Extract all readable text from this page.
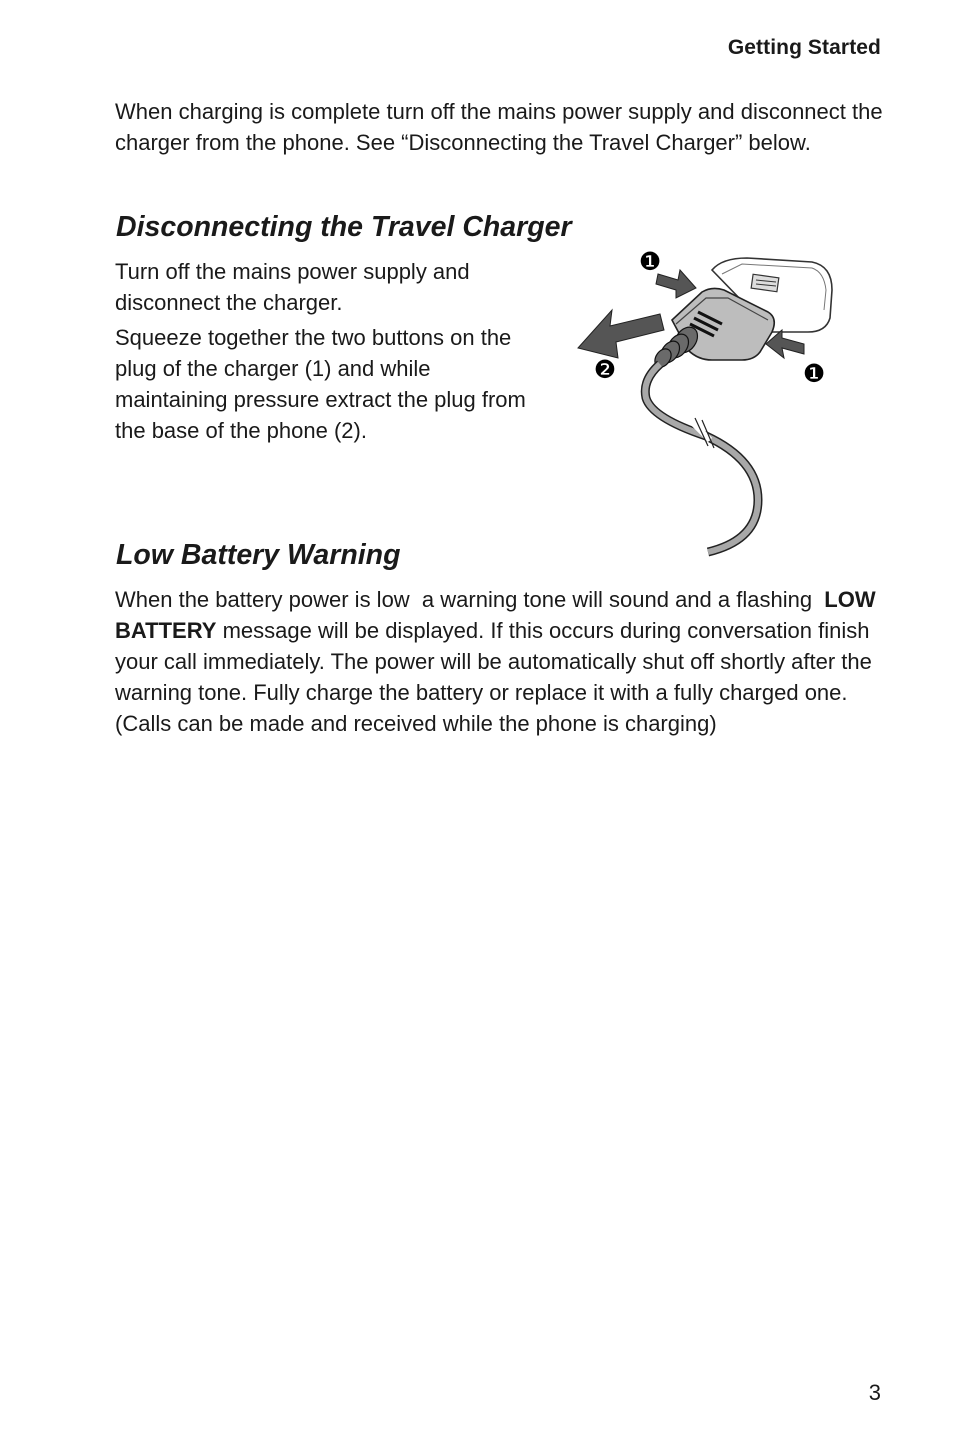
Getting Started

When charging is complete turn off the mains power supply and disconnect the charger from the phone. See “Disconnecting the Travel Charger” below.

Disconnecting the Travel Charger

Turn off the mains power supply and disconnect the charger.

Squeeze together the two buttons on the plug of the charger (1) and while maintaining pressure extract the plug from the base of the phone (2).

❶
❷	❶
Low Battery Warning

When the battery power is low  a warning tone will sound and a flashing  LOW BATTERY message will be displayed. If this occurs during conversation finish your call immediately. The power will be automatically shut off shortly after the warning tone. Fully charge the battery or replace it with a fully charged one. (Calls can be made and received while the phone is charging)

3
